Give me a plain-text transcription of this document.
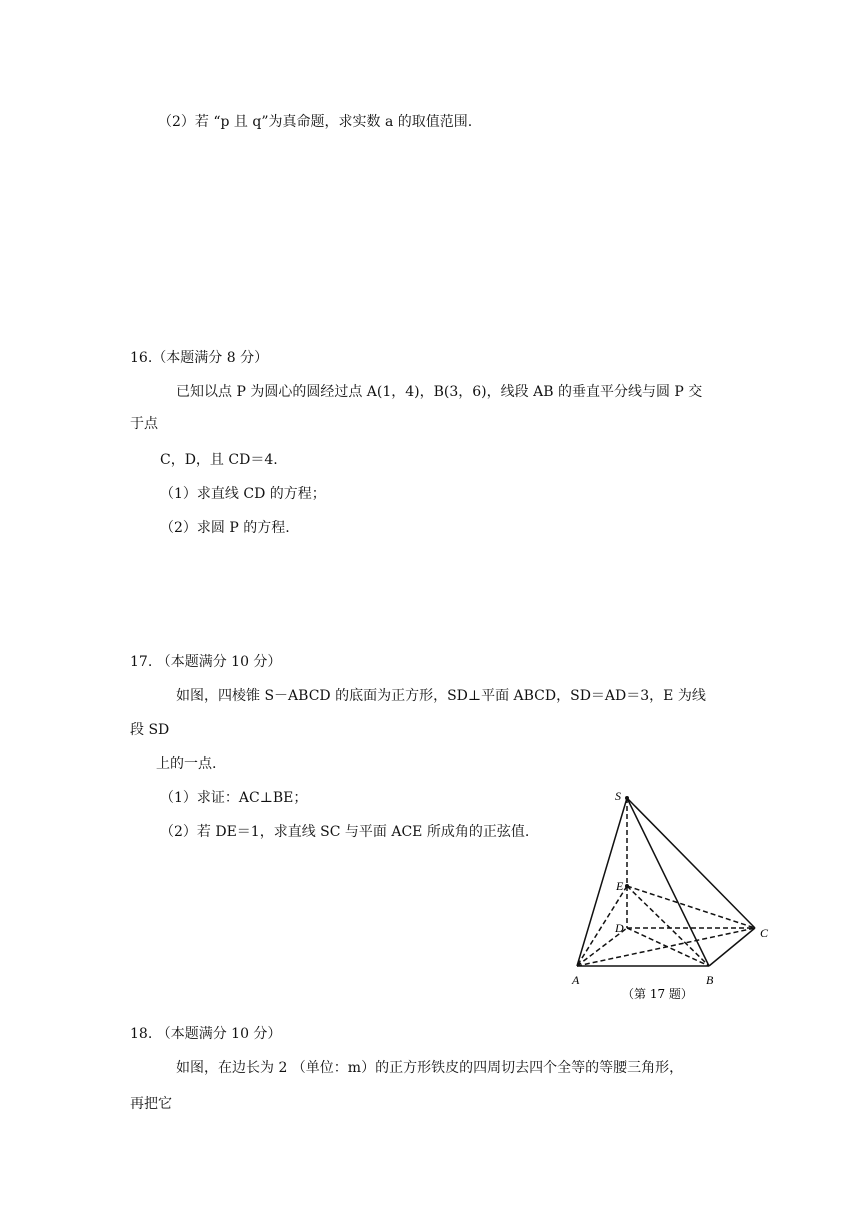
（2）若 “p 且 q”为真命题，求实数 a 的取值范围.
16.（本题满分 8 分）
已知以点 P 为圆心的圆经过点 A(1，4)，B(3，6)，线段 AB 的垂直平分线与圆 P 交
于点
C，D，且 CD＝4.
（1）求直线 CD 的方程；
（2）求圆 P 的方程.
17. （本题满分 10 分）
如图，四棱锥 S－ABCD 的底面为正方形，SD⊥平面 ABCD，SD＝AD＝3，E 为线
段 SD
上的一点.
（1）求证：AC⊥BE；
（2）若 DE＝1，求直线 SC 与平面 ACE 所成角的正弦值.
S
E
D	C
A	B
（第 17 题）
18. （本题满分 10 分）
如图，在边长为 2 （单位：m）的正方形铁皮的四周切去四个全等的等腰三角形，
再把它
